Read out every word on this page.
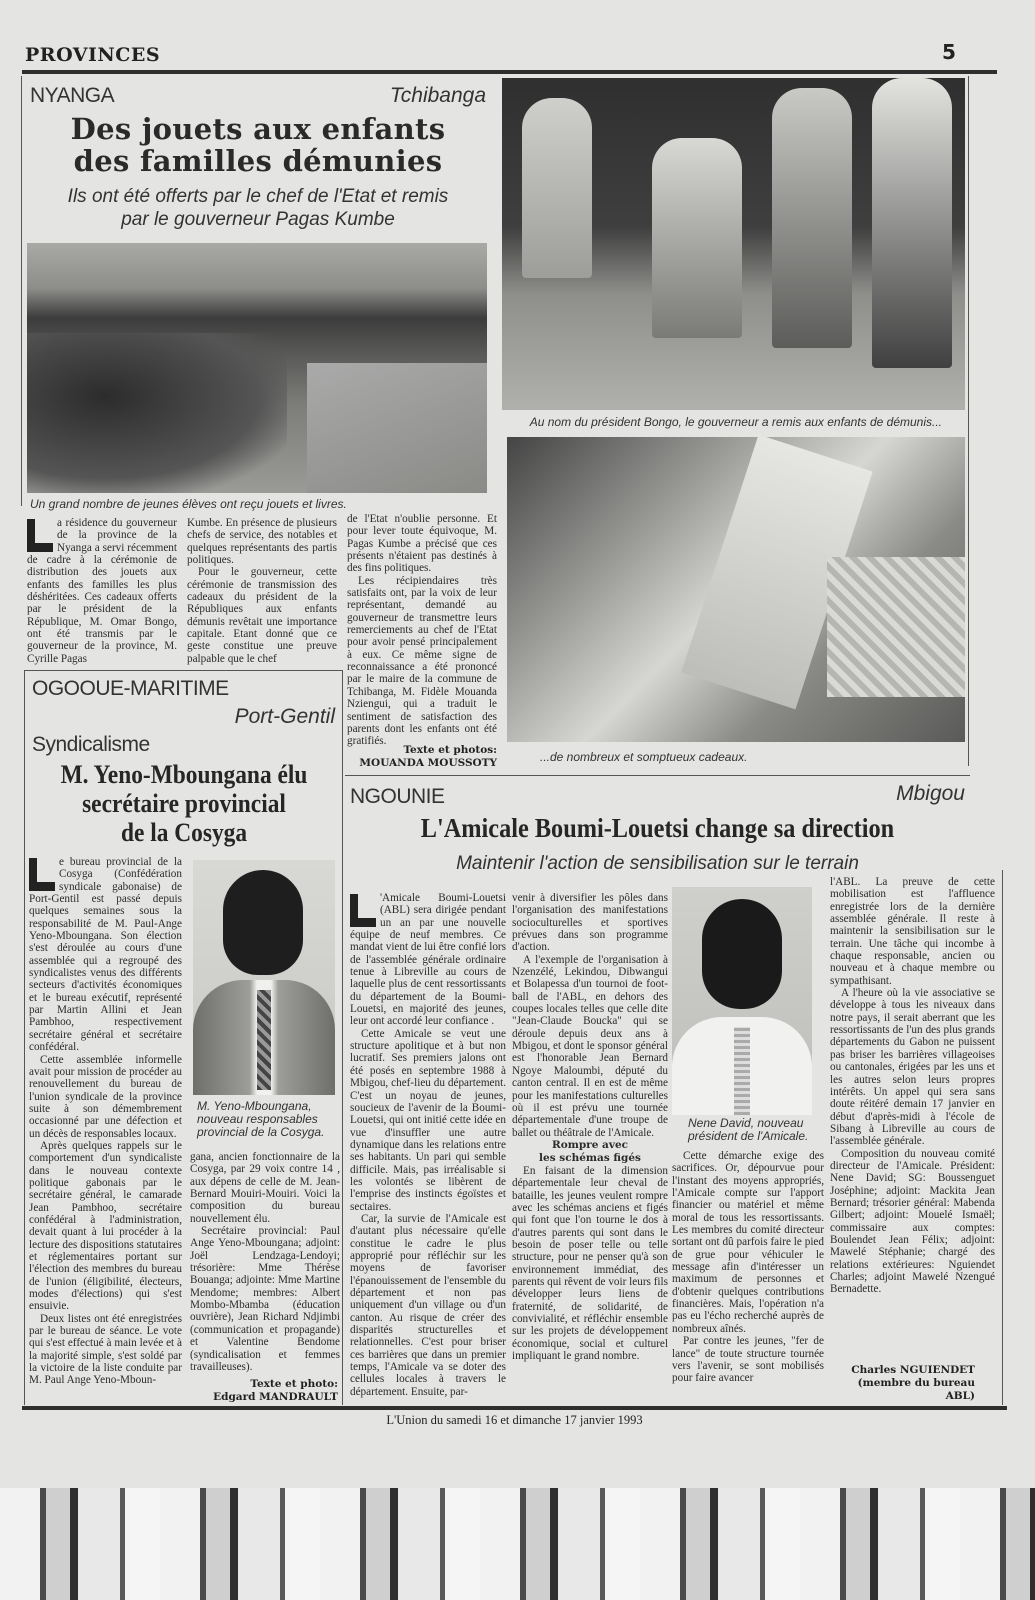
PROVINCES	5
NYANGA	Tchibanga
Des jouets aux enfants
des familles démunies
Ils ont été offerts par le chef de l'Etat et remis
par le gouverneur Pagas Kumbe
Un grand nombre de jeunes élèves ont reçu jouets et livres.

a résidence du gouverneur de la province de la Nyanga a servi récemment de cadre à la cérémonie de distribution des jouets aux enfants des familles les plus déshéritées. Ces cadeaux offerts par le président de la République, M. Omar Bongo, ont été transmis par le gouverneur de la province, M. Cyrille Pagas

Kumbe. En présence de plusieurs chefs de service, des notables et quelques représentants des partis politiques.

Pour le gouverneur, cette cérémonie de transmission des cadeaux du président de la Républiques aux enfants démunis revêtait une importance capitale. Etant donné que ce geste constitue une preuve palpable que le chef

de l'Etat n'oublie personne. Et pour lever toute équivoque, M. Pagas Kumbe a précisé que ces présents n'étaient pas destinés à des fins politiques.

Les récipiendaires très satisfaits ont, par la voix de leur représentant, demandé au gouverneur de transmettre leurs remerciements au chef de l'Etat pour avoir pensé principalement à eux. Ce même signe de reconnaissance a été prononcé par le maire de la commune de Tchibanga, M. Fidèle Mouanda Nziengui, qui a traduit le sentiment de satisfaction des parents dont les enfants ont été gratifiés.

Texte et photos:
MOUANDA MOUSSOTY
Au nom du président Bongo, le gouverneur a remis aux enfants de démunis...
...de nombreux et somptueux cadeaux.
OGOOUE-MARITIME
Port-Gentil
Syndicalisme
M. Yeno-Mboungana élu
secrétaire provincial
de la Cosyga

e bureau provincial de la Cosyga (Confédération syndicale gabonaise) de Port-Gentil est passé depuis quelques semaines sous la responsabilité de M. Paul-Ange Yeno-Mboungana. Son élection s'est déroulée au cours d'une assemblée qui a regroupé des syndicalistes venus des différents secteurs d'activités économiques et le bureau exécutif, représenté par Martin Allini et Jean Pambhoo, respectivement secrétaire général et secrétaire confédéral.

Cette assemblée informelle avait pour mission de procéder au renouvellement du bureau de l'union syndicale de la province suite à son démembrement occasionné par une défection et un décès de responsables locaux.

Après quelques rappels sur le comportement d'un syndicaliste dans le nouveau contexte politique gabonais par le secrétaire général, le camarade Jean Pambhoo, secrétaire confédéral à l'administration, devait quant à lui procéder à la lecture des dispositions statutaires et réglementaires portant sur l'élection des membres du bureau de l'union (éligibilité, électeurs, modes d'élections) qui s'est ensuivie.

Deux listes ont été enregistrées par le bureau de séance. Le vote qui s'est effectué à main levée et à la majorité simple, s'est soldé par la victoire de la liste conduite par M. Paul Ange Yeno-Mboun-

M. Yeno-Mboungana, nouveau responsables provincial de la Cosyga.

gana, ancien fonctionnaire de la Cosyga, par 29 voix contre 14 , aux dépens de celle de M. Jean-Bernard Mouiri-Mouiri. Voici la composition du bureau nouvellement élu.

Secrétaire provincial: Paul Ange Yeno-Mboungana; adjoint: Joël Lendzaga-Lendoyi; trésorière: Mme Thérèse Bouanga; adjointe: Mme Martine Mendome; membres: Albert Mombo-Mbamba (éducation ouvrière), Jean Richard Ndjimbi (communication et propagande) et Valentine Bendome (syndicalisation et femmes travailleuses).

Texte et photo:
Edgard MANDRAULT
NGOUNIE	Mbigou
L'Amicale Boumi-Louetsi change sa direction
Maintenir l'action de sensibilisation sur le terrain

'Amicale Boumi-Louetsi (ABL) sera dirigée pendant un an par une nouvelle équipe de neuf membres. Ce mandat vient de lui être confié lors de l'assemblée générale ordinaire tenue à Libreville au cours de laquelle plus de cent ressortissants du département de la Boumi-Louetsi, en majorité des jeunes, leur ont accordé leur confiance .

Cette Amicale se veut une structure apolitique et à but non lucratif. Ses premiers jalons ont été posés en septembre 1988 à Mbigou, chef-lieu du département. C'est un noyau de jeunes, soucieux de l'avenir de la Boumi-Louetsi, qui ont initié cette idée en vue d'insuffler une autre dynamique dans les relations entre ses habitants. Un pari qui semble difficile. Mais, pas irréalisable si les volontés se libèrent de l'emprise des instincts égoïstes et sectaires.

Car, la survie de l'Amicale est d'autant plus nécessaire qu'elle constitue le cadre le plus approprié pour réfléchir sur les moyens de favoriser l'épanouissement de l'ensemble du département et non pas uniquement d'un village ou d'un canton. Au risque de créer des disparités structurelles et relationnelles. C'est pour briser ces barrières que dans un premier temps, l'Amicale va se doter des cellules locales à travers le département. Ensuite, par-

venir à diversifier les pôles dans l'organisation des manifestations socioculturelles et sportives prévues dans son programme d'action.

A l'exemple de l'organisation à Nzenzélé, Lekindou, Dibwangui et Bolapessa d'un tournoi de foot-ball de l'ABL, en dehors des coupes locales telles que celle dite "Jean-Claude Boucka" qui se déroule depuis deux ans à Mbigou, et dont le sponsor général est l'honorable Jean Bernard Ngoye Maloumbi, député du canton central. Il en est de même pour les manifestations culturelles où il est prévu une tournée départementale d'une troupe de ballet ou théâtrale de l'Amicale.

Rompre avec
les schémas figés

En faisant de la dimension départementale leur cheval de bataille, les jeunes veulent rompre avec les schémas anciens et figés qui font que l'on tourne le dos à d'autres parents qui sont dans le besoin de poser telle ou telle structure, pour ne penser qu'à son environnement immédiat, des parents qui rêvent de voir leurs fils développer leurs liens de fraternité, de solidarité, de convivialité, et réfléchir ensemble sur les projets de développement économique, social et culturel impliquant le grand nombre.

Nene David, nouveau président de l'Amicale.

Cette démarche exige des sacrifices. Or, dépourvue pour l'instant des moyens appropriés, l'Amicale compte sur l'apport financier ou matériel et même moral de tous les ressortissants. Les membres du comité directeur sortant ont dû parfois faire le pied de grue pour véhiculer le message afin d'intéresser un maximum de personnes et d'obtenir quelques contributions financières. Mais, l'opération n'a pas eu l'écho recherché auprès de nombreux aînés.

Par contre les jeunes, "fer de lance" de toute structure tournée vers l'avenir, se sont mobilisés pour faire avancer

l'ABL. La preuve de cette mobilisation est l'affluence enregistrée lors de la dernière assemblée générale. Il reste à maintenir la sensibilisation sur le terrain. Une tâche qui incombe à chaque responsable, ancien ou nouveau et à chaque membre ou sympathisant.

A l'heure où la vie associative se développe à tous les niveaux dans notre pays, il serait aberrant que les ressortissants de l'un des plus grands départements du Gabon ne puissent pas briser les barrières villageoises ou cantonales, érigées par les uns et les autres selon leurs propres intérêts. Un appel qui sera sans doute réitéré demain 17 janvier en début d'après-midi à l'école de Sibang à Libreville au cours de l'assemblée générale.

Composition du nouveau comité directeur de l'Amicale. Président: Nene David; SG: Boussenguet Joséphine; adjoint: Mackita Jean Bernard; trésorier général: Mabenda Gilbert; adjoint: Mouelé Ismaël; commissaire aux comptes: Boulendet Jean Félix; adjoint: Mawelé Stéphanie; chargé des relations extérieures: Nguiendet Charles; adjoint Mawelé Nzengué Bernadette.

Charles NGUIENDET
(membre du bureau ABL)
L'Union du samedi 16 et dimanche 17 janvier 1993
